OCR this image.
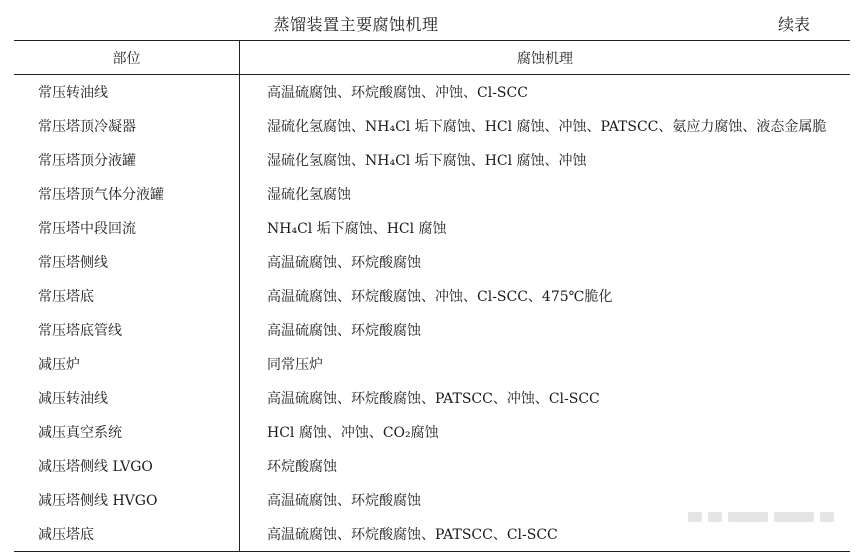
蒸馏装置主要腐蚀机理	续表
部位	腐蚀机理
常压转油线	高温硫腐蚀、环烷酸腐蚀、冲蚀、Cl-SCC
常压塔顶冷凝器	湿硫化氢腐蚀、NH₄Cl 垢下腐蚀、HCl 腐蚀、冲蚀、PATSCC、氨应力腐蚀、液态金属脆
常压塔顶分液罐	湿硫化氢腐蚀、NH₄Cl 垢下腐蚀、HCl 腐蚀、冲蚀
常压塔顶气体分液罐	湿硫化氢腐蚀
常压塔中段回流	NH₄Cl 垢下腐蚀、HCl 腐蚀
常压塔侧线	高温硫腐蚀、环烷酸腐蚀
常压塔底	高温硫腐蚀、环烷酸腐蚀、冲蚀、Cl-SCC、475℃脆化
常压塔底管线	高温硫腐蚀、环烷酸腐蚀
减压炉	同常压炉
减压转油线	高温硫腐蚀、环烷酸腐蚀、PATSCC、冲蚀、Cl-SCC
减压真空系统	HCl 腐蚀、冲蚀、CO₂腐蚀
减压塔侧线 LVGO	环烷酸腐蚀
减压塔侧线 HVGO	高温硫腐蚀、环烷酸腐蚀
减压塔底	高温硫腐蚀、环烷酸腐蚀、PATSCC、Cl-SCC
